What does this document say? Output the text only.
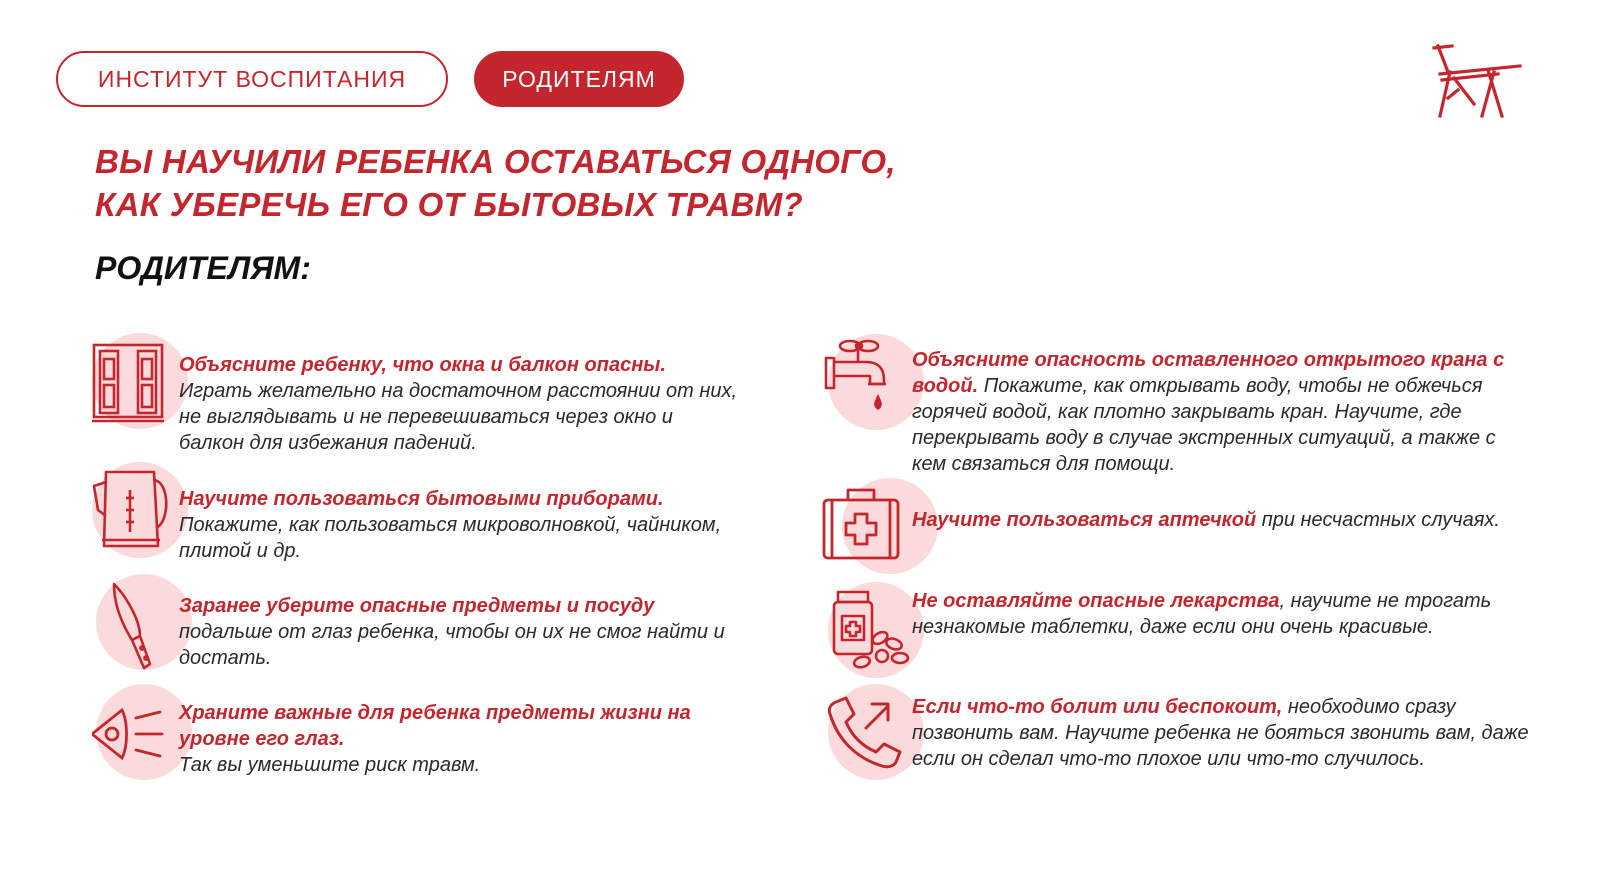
ИНСТИТУТ ВОСПИТАНИЯ	РОДИТЕЛЯМ
ВЫ НАУЧИЛИ РЕБЕНКА ОСТАВАТЬСЯ ОДНОГО,
КАК УБЕРЕЧЬ ЕГО ОТ БЫТОВЫХ ТРАВМ?
РОДИТЕЛЯМ:
Объясните ребенку, что окна и балкон опасны.
Играть желательно на достаточном расстоянии от них, не выглядывать и не перевешиваться через окно и балкон для избежания падений.
Научите пользоваться бытовыми приборами.
Покажите, как пользоваться микроволновкой, чайником, плитой и др.
Заранее уберите опасные предметы и посуду
подальше от глаз ребенка, чтобы он их не смог найти и достать.
Храните важные для ребенка предметы жизни на уровне его глаз.
Так вы уменьшите риск травм.
Объясните опасность оставленного открытого крана с водой. Покажите, как открывать воду, чтобы не обжечься горячей водой, как плотно закрывать кран. Научите, где перекрывать воду в случае экстренных ситуаций, а также с кем связаться для помощи.
Научите пользоваться аптечкой при несчастных случаях.
Не оставляйте опасные лекарства, научите не трогать незнакомые таблетки, даже если они очень красивые.
Если что-то болит или беспокоит, необходимо сразу позвонить вам. Научите ребенка не бояться звонить вам, даже если он сделал что-то плохое или что-то случилось.
